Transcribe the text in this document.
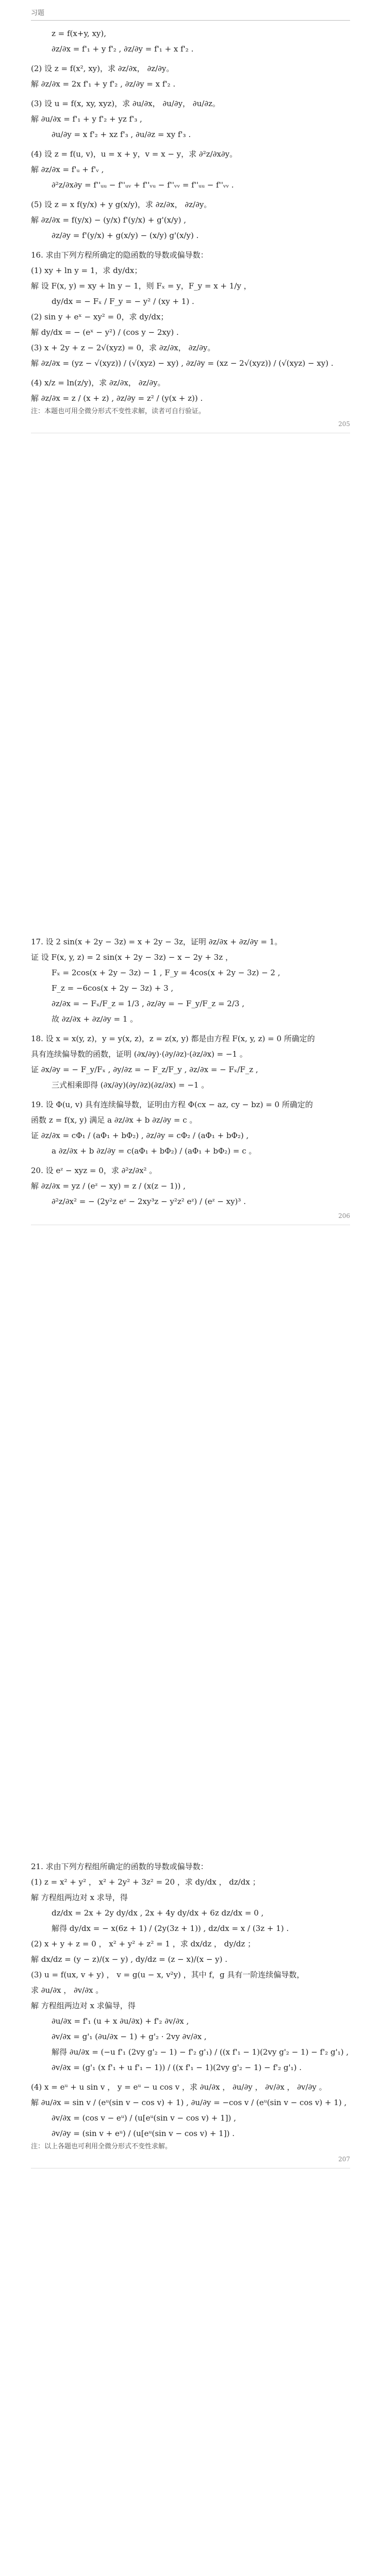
习题
z = f(x+y, xy),
∂z/∂x = f'₁ + y f'₂ , ∂z/∂y = f'₁ + x f'₂ .
(2) 设 z = f(x², xy)，求 ∂z/∂x， ∂z/∂y。
解 ∂z/∂x = 2x f'₁ + y f'₂ , ∂z/∂y = x f'₂ .
(3) 设 u = f(x, xy, xyz)，求 ∂u/∂x， ∂u/∂y， ∂u/∂z。
解 ∂u/∂x = f'₁ + y f'₂ + yz f'₃ ,
∂u/∂y = x f'₂ + xz f'₃ , ∂u/∂z = xy f'₃ .
(4) 设 z = f(u, v)，u = x + y，v = x − y，求 ∂²z/∂x∂y。
解 ∂z/∂x = f'ᵤ + f'ᵥ ,
∂²z/∂x∂y = f''ᵤᵤ − f''ᵤᵥ + f''ᵥᵤ − f''ᵥᵥ = f''ᵤᵤ − f''ᵥᵥ .
(5) 设 z = x f(y/x) + y g(x/y)，求 ∂z/∂x， ∂z/∂y。
解 ∂z/∂x = f(y/x) − (y/x) f'(y/x) + g'(x/y) ,
∂z/∂y = f'(y/x) + g(x/y) − (x/y) g'(x/y) .
16. 求由下列方程所确定的隐函数的导数或偏导数：
(1) xy + ln y = 1，求 dy/dx；
解 设 F(x, y) = xy + ln y − 1，则 Fₓ = y，F_y = x + 1/y ，
dy/dx = − Fₓ / F_y = − y² / (xy + 1) .
(2) sin y + eˣ − xy² = 0，求 dy/dx；
解 dy/dx = − (eˣ − y²) / (cos y − 2xy) .
(3) x + 2y + z − 2√(xyz) = 0，求 ∂z/∂x， ∂z/∂y。
解 ∂z/∂x = (yz − √(xyz)) / (√(xyz) − xy) , ∂z/∂y = (xz − 2√(xyz)) / (√(xyz) − xy) .
(4) x/z = ln(z/y)，求 ∂z/∂x， ∂z/∂y。
解 ∂z/∂x = z / (x + z) , ∂z/∂y = z² / (y(x + z)) .
注：本题也可用全微分形式不变性求解，读者可自行验证。
205
17. 设 2 sin(x + 2y − 3z) = x + 2y − 3z，证明 ∂z/∂x + ∂z/∂y = 1。
证 设 F(x, y, z) = 2 sin(x + 2y − 3z) − x − 2y + 3z ，
Fₓ = 2cos(x + 2y − 3z) − 1 , F_y = 4cos(x + 2y − 3z) − 2 ,
F_z = −6cos(x + 2y − 3z) + 3 ,
∂z/∂x = − Fₓ/F_z = 1/3 , ∂z/∂y = − F_y/F_z = 2/3 ,
故 ∂z/∂x + ∂z/∂y = 1 。
18. 设 x = x(y, z)，y = y(x, z)，z = z(x, y) 都是由方程 F(x, y, z) = 0 所确定的
具有连续偏导数的函数，证明 (∂x/∂y)·(∂y/∂z)·(∂z/∂x) = −1 。
证 ∂x/∂y = − F_y/Fₓ , ∂y/∂z = − F_z/F_y , ∂z/∂x = − Fₓ/F_z ,
三式相乘即得 (∂x/∂y)(∂y/∂z)(∂z/∂x) = −1 。
19. 设 Φ(u, v) 具有连续偏导数，证明由方程 Φ(cx − az, cy − bz) = 0 所确定的
函数 z = f(x, y) 满足 a ∂z/∂x + b ∂z/∂y = c 。
证 ∂z/∂x = cΦ₁ / (aΦ₁ + bΦ₂) , ∂z/∂y = cΦ₂ / (aΦ₁ + bΦ₂) ,
a ∂z/∂x + b ∂z/∂y = c(aΦ₁ + bΦ₂) / (aΦ₁ + bΦ₂) = c 。
20. 设 eᶻ − xyz = 0，求 ∂²z/∂x² 。
解 ∂z/∂x = yz / (eᶻ − xy) = z / (x(z − 1)) ,
∂²z/∂x² = − (2y²z eᶻ − 2xy³z − y²z² eᶻ) / (eᶻ − xy)³ .
206
21. 求由下列方程组所确定的函数的导数或偏导数：
(1) z = x² + y² ， x² + 2y² + 3z² = 20 ，求 dy/dx ， dz/dx ；
解 方程组两边对 x 求导，得
dz/dx = 2x + 2y dy/dx , 2x + 4y dy/dx + 6z dz/dx = 0 ,
解得 dy/dx = − x(6z + 1) / (2y(3z + 1)) , dz/dx = x / (3z + 1) .
(2) x + y + z = 0 ， x² + y² + z² = 1 ，求 dx/dz ， dy/dz ；
解 dx/dz = (y − z)/(x − y) , dy/dz = (z − x)/(x − y) .
(3) u = f(ux, v + y) ， v = g(u − x, v²y) ，其中 f，g 具有一阶连续偏导数，
求 ∂u/∂x ， ∂v/∂x 。
解 方程组两边对 x 求偏导，得
∂u/∂x = f'₁ (u + x ∂u/∂x) + f'₂ ∂v/∂x ,
∂v/∂x = g'₁ (∂u/∂x − 1) + g'₂ · 2vy ∂v/∂x ,
解得 ∂u/∂x = (−u f'₁ (2vy g'₂ − 1) − f'₂ g'₁) / ((x f'₁ − 1)(2vy g'₂ − 1) − f'₂ g'₁) ,
∂v/∂x = (g'₁ (x f'₁ + u f'₁ − 1)) / ((x f'₁ − 1)(2vy g'₂ − 1) − f'₂ g'₁) .
(4) x = eᵘ + u sin v ， y = eᵘ − u cos v ，求 ∂u/∂x ， ∂u/∂y ， ∂v/∂x ， ∂v/∂y 。
解 ∂u/∂x = sin v / (eᵘ(sin v − cos v) + 1) , ∂u/∂y = −cos v / (eᵘ(sin v − cos v) + 1) ,
∂v/∂x = (cos v − eᵘ) / (u[eᵘ(sin v − cos v) + 1]) ,
∂v/∂y = (sin v + eᵘ) / (u[eᵘ(sin v − cos v) + 1]) .
注：以上各题也可利用全微分形式不变性求解。
207
